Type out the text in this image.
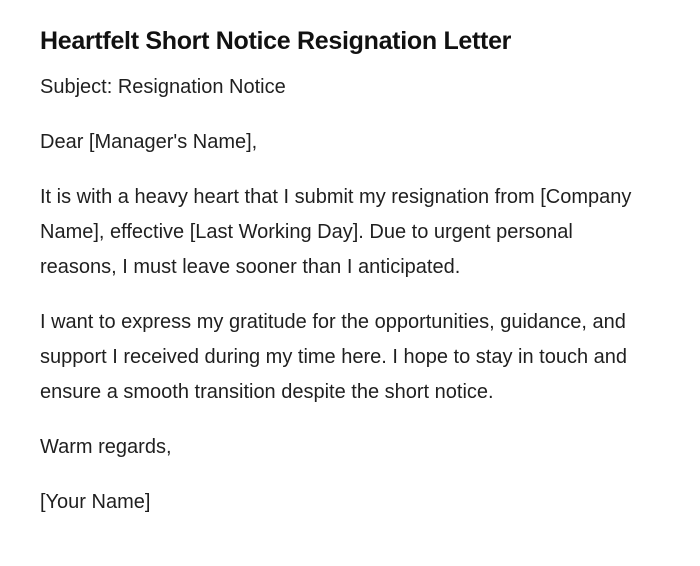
Heartfelt Short Notice Resignation Letter

Subject: Resignation Notice

Dear [Manager's Name],

It is with a heavy heart that I submit my resignation from [Company Name], effective [Last Working Day]. Due to urgent personal reasons, I must leave sooner than I anticipated.

I want to express my gratitude for the opportunities, guidance, and support I received during my time here. I hope to stay in touch and ensure a smooth transition despite the short notice.

Warm regards,

[Your Name]
